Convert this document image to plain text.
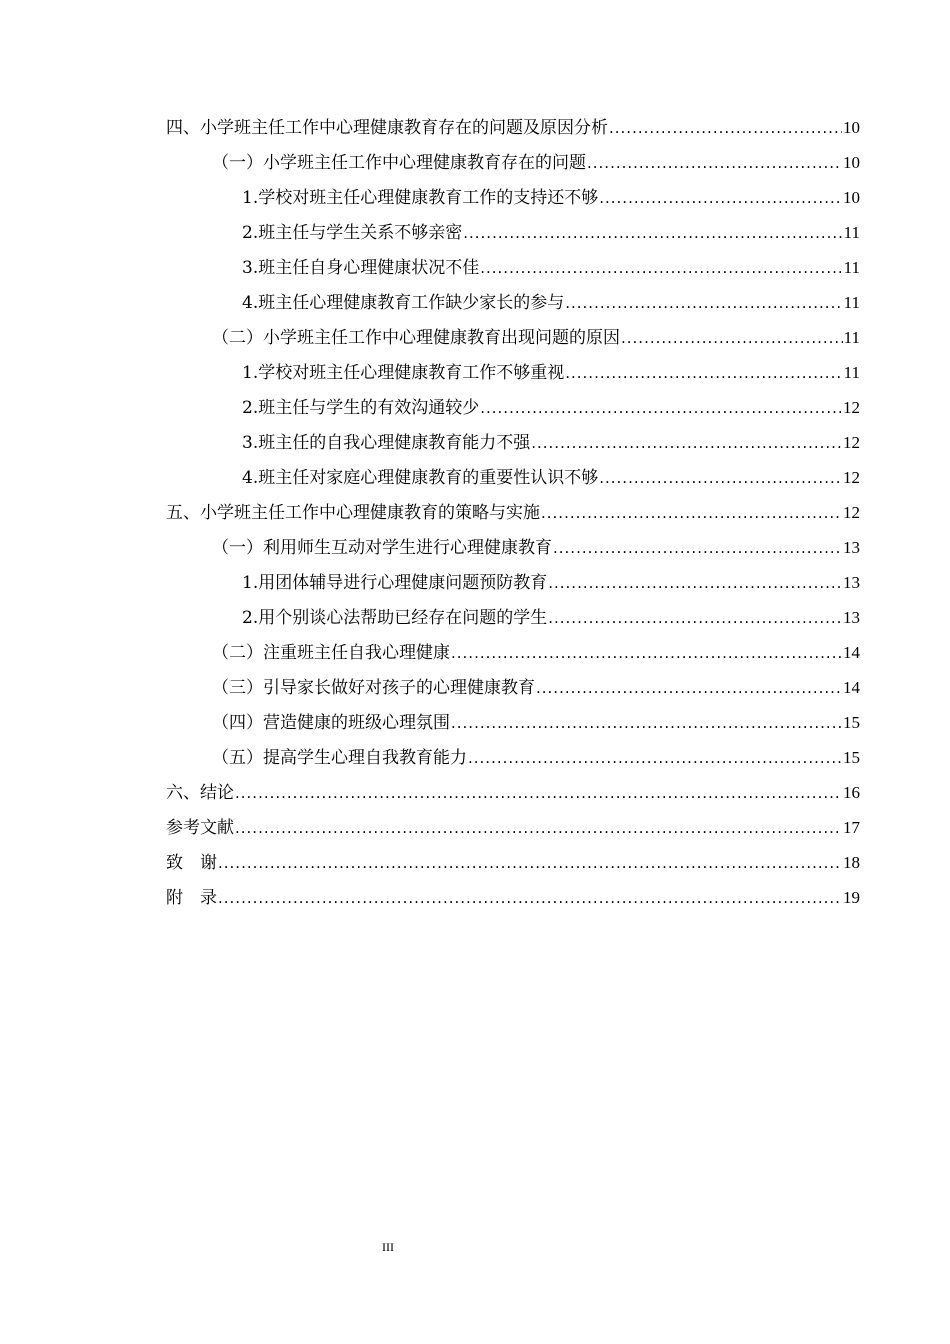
四、 小学班主任工作中心理健康教育存在的问题及原因分析 .....	10
（一） 小学班主任工作中心理健康教育存在的问题 .....	10
1. 学校对班主任心理健康教育工作的支持还不够 .....	10
2. 班主任与学生关系不够亲密 .....	11
3. 班主任自身心理健康状况不佳 .....	11
4. 班主任心理健康教育工作缺少家长的参与 .....	11
（二） 小学班主任工作中心理健康教育出现问题的原因 .....	11
1. 学校对班主任心理健康教育工作不够重视 .....	11
2. 班主任与学生的有效沟通较少 .....	12
3. 班主任的自我心理健康教育能力不强 .....	12
4. 班主任对家庭心理健康教育的重要性认识不够 .....	12
五、 小学班主任工作中心理健康教育的策略与实施 .....	12
（一） 利用师生互动对学生进行心理健康教育 .....	13
1. 用团体辅导进行心理健康问题预防教育 .....	13
2. 用个别谈心法帮助已经存在问题的学生 .....	13
（二） 注重班主任自我心理健康 .....	14
（三） 引导家长做好对孩子的心理健康教育 .....	14
（四） 营造健康的班级心理氛围 .....	15
（五） 提高学生心理自我教育能力 .....	15
六、 结论 .....	16
参考文献 .....	17
致　谢 .....	18
附　录 .....	19
III
